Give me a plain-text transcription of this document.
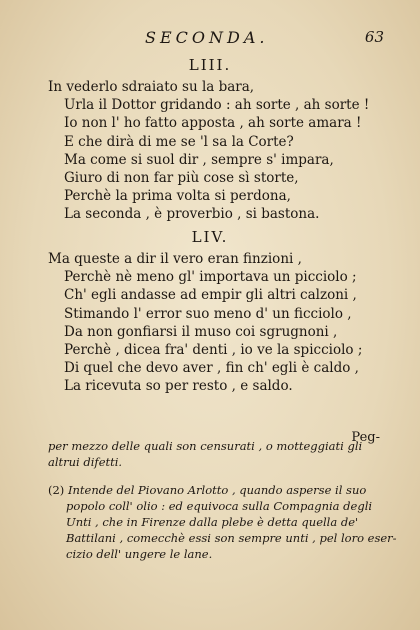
SECONDA.	63
LIII.
In vederlo sdraiato su la bara,
Urla il Dottor gridando : ah sorte , ah sorte !
Io non l' ho fatto apposta , ah sorte amara !
E che dirà di me se 'l sa la Corte?
Ma come si suol dir , sempre s' impara,
Giuro di non far più cose sì storte,
Perchè la prima volta si perdona,
La seconda , è proverbio , si bastona.
LIV.
Ma queste a dir il vero eran finzioni ,
Perchè nè meno gl' importava un picciolo ;
Ch' egli andasse ad empir gli altri calzoni ,
Stimando l' error suo meno d' un ficciolo ,
Da non gonfiarsi il muso coi sgrugnoni ,
Perchè , dicea fra' denti , io ve la spicciolo ;
Di quel che devo aver , fin ch' egli è caldo ,
La ricevuta so per resto , e saldo.
Peg-
per mezzo delle quali son censurati , o motteggiati gli
altrui difetti.
(2) Intende del Piovano Arlotto , quando asperse il suo
popolo coll' olio : ed equivoca sulla Compagnia degli
Unti , che in Firenze dalla plebe è detta quella de'
Battilani , comecchè essi son sempre unti , pel loro eser-
cizio dell' ungere le lane.
